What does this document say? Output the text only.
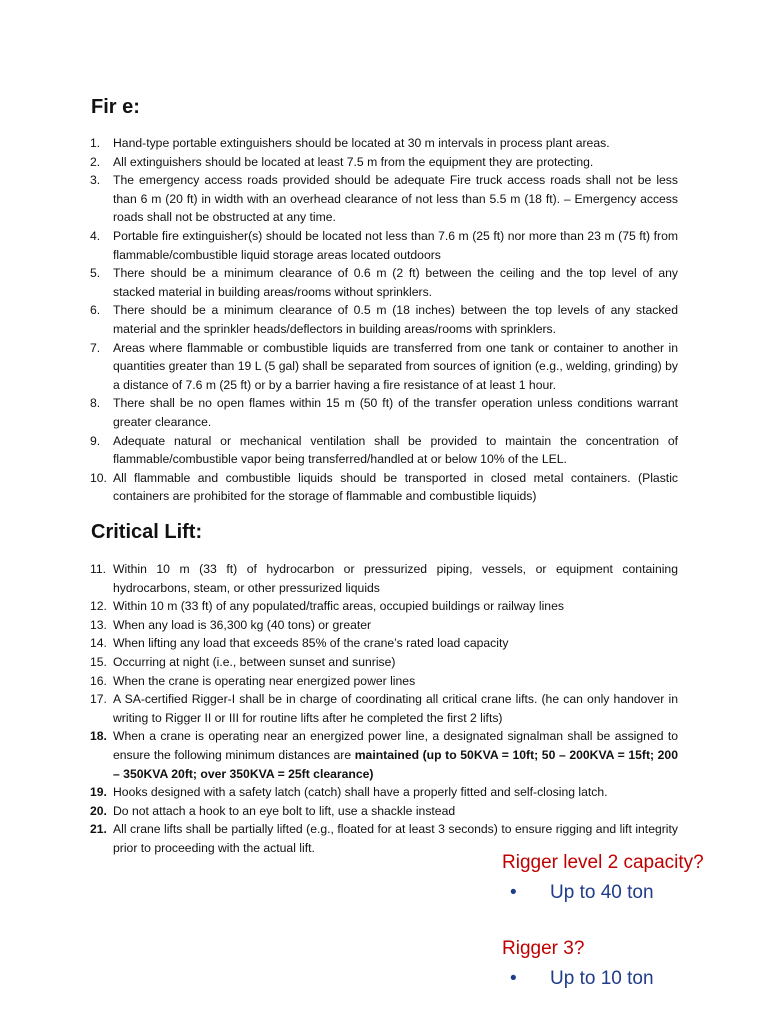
Fir e:
1.	Hand-type portable extinguishers should be located at 30 m intervals in process plant areas.
2.	All extinguishers should be located at least 7.5 m from the equipment they are protecting.
3.	The emergency access roads provided should be adequate Fire truck access roads shall not be less than 6 m (20 ft) in width with an overhead clearance of not less than 5.5 m (18 ft). – Emergency access roads shall not be obstructed at any time.
4.	Portable fire extinguisher(s) should be located not less than 7.6 m (25 ft) nor more than 23 m (75 ft) from flammable/combustible liquid storage areas located outdoors
5.	There should be a minimum clearance of 0.6 m (2 ft) between the ceiling and the top level of any stacked material in building areas/rooms without sprinklers.
6.	There should be a minimum clearance of 0.5 m (18 inches) between the top levels of any stacked material and the sprinkler heads/deflectors in building areas/rooms with sprinklers.
7.	Areas where flammable or combustible liquids are transferred from one tank or container to another in quantities greater than 19 L (5 gal) shall be separated from sources of ignition (e.g., welding, grinding) by a distance of 7.6 m (25 ft) or by a barrier having a fire resistance of at least 1 hour.
8.	There shall be no open flames within 15 m (50 ft) of the transfer operation unless conditions warrant greater clearance.
9.	Adequate natural or mechanical ventilation shall be provided to maintain the concentration of flammable/combustible vapor being transferred/handled at or below 10% of the LEL.
10. All flammable and combustible liquids should be transported in closed metal containers. (Plastic containers are prohibited for the storage of flammable and combustible liquids)
Critical Lift:
11. Within 10 m (33 ft) of hydrocarbon or pressurized piping, vessels, or equipment containing hydrocarbons, steam, or other pressurized liquids
12. Within 10 m (33 ft) of any populated/traffic areas, occupied buildings or railway lines
13. When any load is 36,300 kg (40 tons) or greater
14. When lifting any load that exceeds 85% of the crane’s rated load capacity
15. Occurring at night (i.e., between sunset and sunrise)
16. When the crane is operating near energized power lines
17. A SA-certified Rigger-I shall be in charge of coordinating all critical crane lifts. (he can only handover in writing to Rigger II or III for routine lifts after he completed the first 2 lifts)
18. When a crane is operating near an energized power line, a designated signalman shall be assigned to ensure the following minimum distances are maintained (up to 50KVA = 10ft; 50 – 200KVA = 15ft; 200 – 350KVA 20ft; over 350KVA = 25ft clearance)
19. Hooks designed with a safety latch (catch) shall have a properly fitted and self-closing latch.
20. Do not attach a hook to an eye bolt to lift, use a shackle instead
21. All crane lifts shall be partially lifted (e.g., floated for at least 3 seconds) to ensure rigging and lift integrity prior to proceeding with the actual lift.
Rigger level 2 capacity?
• Up to 40 ton
Rigger 3?
• Up to 10 ton
